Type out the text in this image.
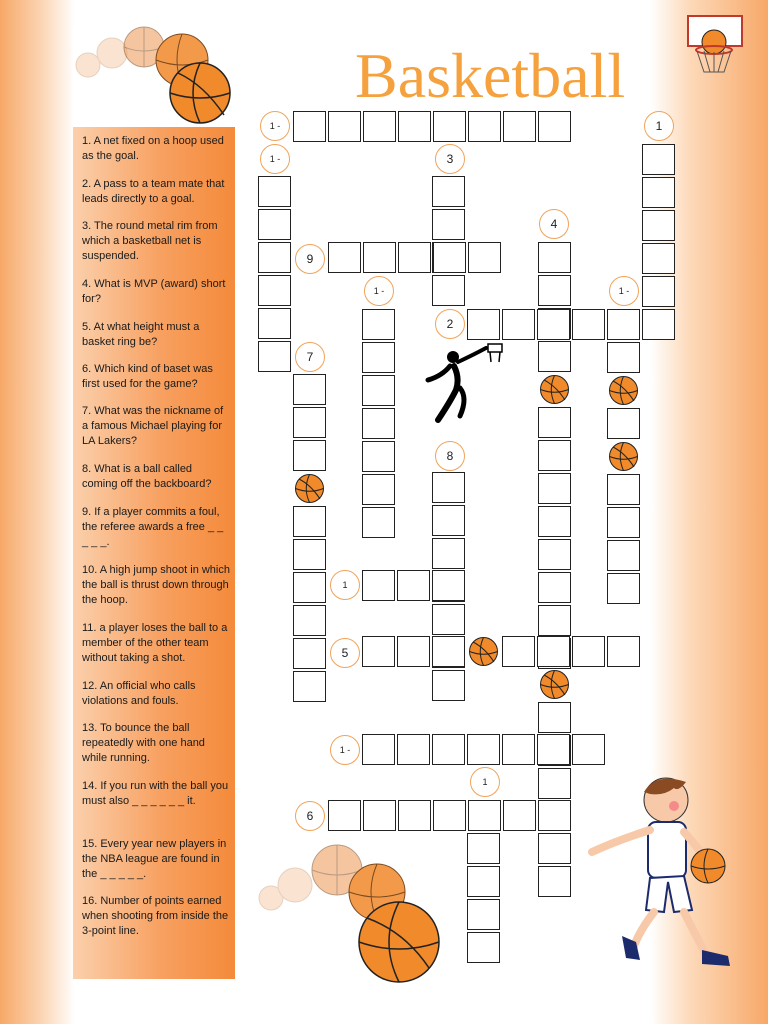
Basketball
1. A net fixed on a hoop used as the goal.
2. A pass to a team mate that leads directly to a goal.
3. The round metal rim from which a basketball net is suspended.
4. What is MVP (award) short for?
5. At what height must a basket ring be?
6. Which kind of baset was first used for the game?
7. What was the nickname of a famous Michael playing for LA Lakers?
8. What is a ball called coming off the backboard?
9. If a player commits a foul, the referee awards a free _ _ _ _ _.
10. A high jump shoot in which the ball is thrust down through the hoop.
11. a player loses the ball to a member of the other team without taking a shot.
12. An official who calls violations and fouls.
13. To bounce the ball repeatedly with one hand while running.
14. If you run with the ball you must also _ _ _ _ _ _ it.
15. Every year new players in the NBA league are found in the _ _ _ _ _.
16. Number of points earned when shooting from inside the 3-point line.
1 -	1
1 -	3
4
9
1 -	1 -
2
7
8
1
5
1 -
1
6
